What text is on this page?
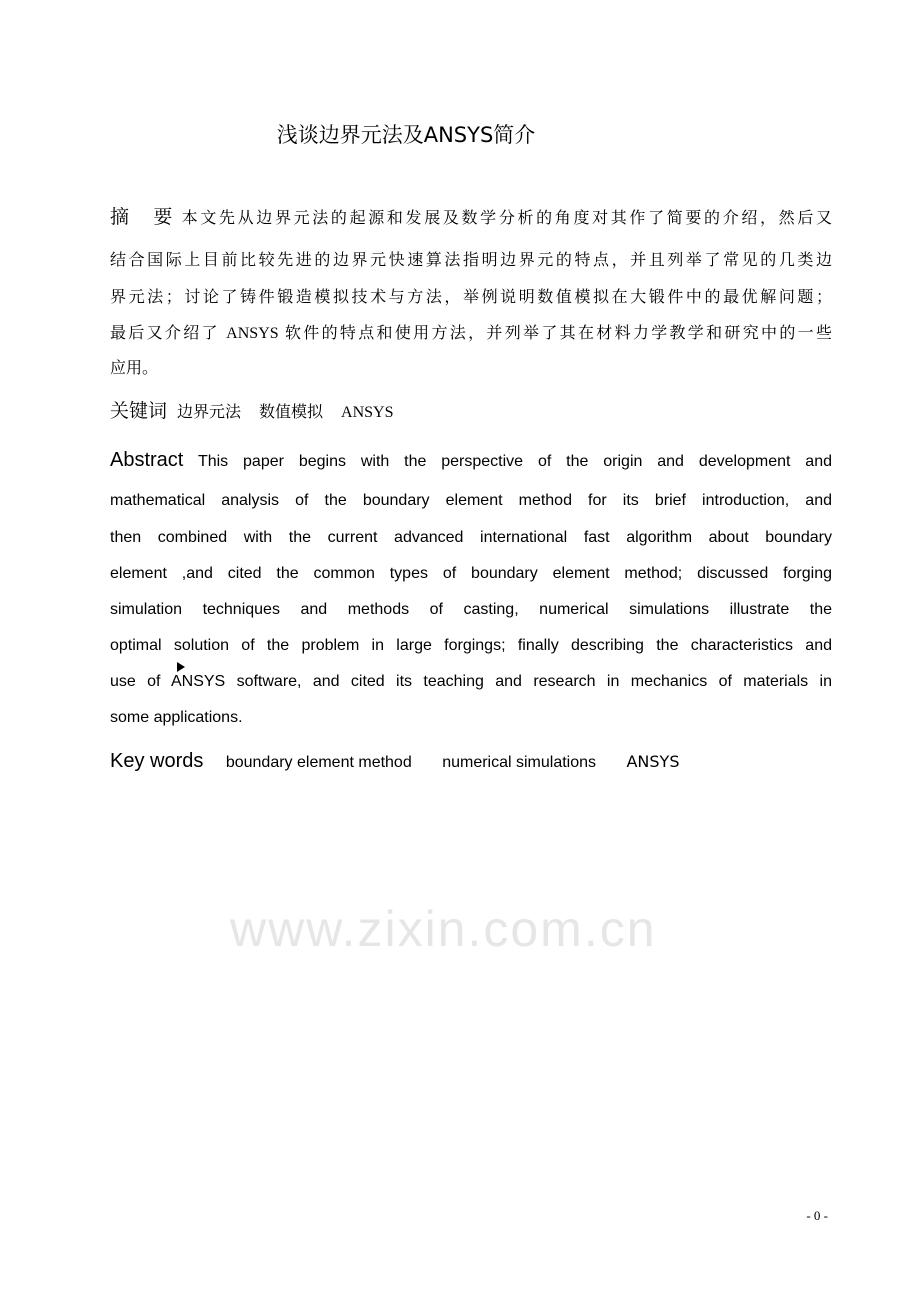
www.zixin.com.cn
浅谈边界元法及ANSYS简介
摘　要 本文先从边界元法的起源和发展及数学分析的角度对其作了简要的介绍，然后又
结合国际上目前比较先进的边界元快速算法指明边界元的特点，并且列举了常见的几类边
界元法；讨论了铸件锻造模拟技术与方法，举例说明数值模拟在大锻件中的最优解问题；
最后又介绍了 ANSYS 软件的特点和使用方法，并列举了其在材料力学教学和研究中的一些
应用。
关键词 边界元法 数值模拟 ANSYS
Abstract This paper begins with the perspective of the origin and development and
mathematical analysis of the boundary element method for its brief introduction, and
then combined with the current advanced international fast algorithm about boundary
element ,and cited the common types of boundary element method; discussed forging
simulation techniques and methods of casting, numerical simulations illustrate the
optimal solution of the problem in large forgings; finally describing the characteristics and
use of ANSYS software, and cited its teaching and research in mechanics of materials in
some applications.
Key words boundary element method numerical simulations ANSYS
- 0 -
